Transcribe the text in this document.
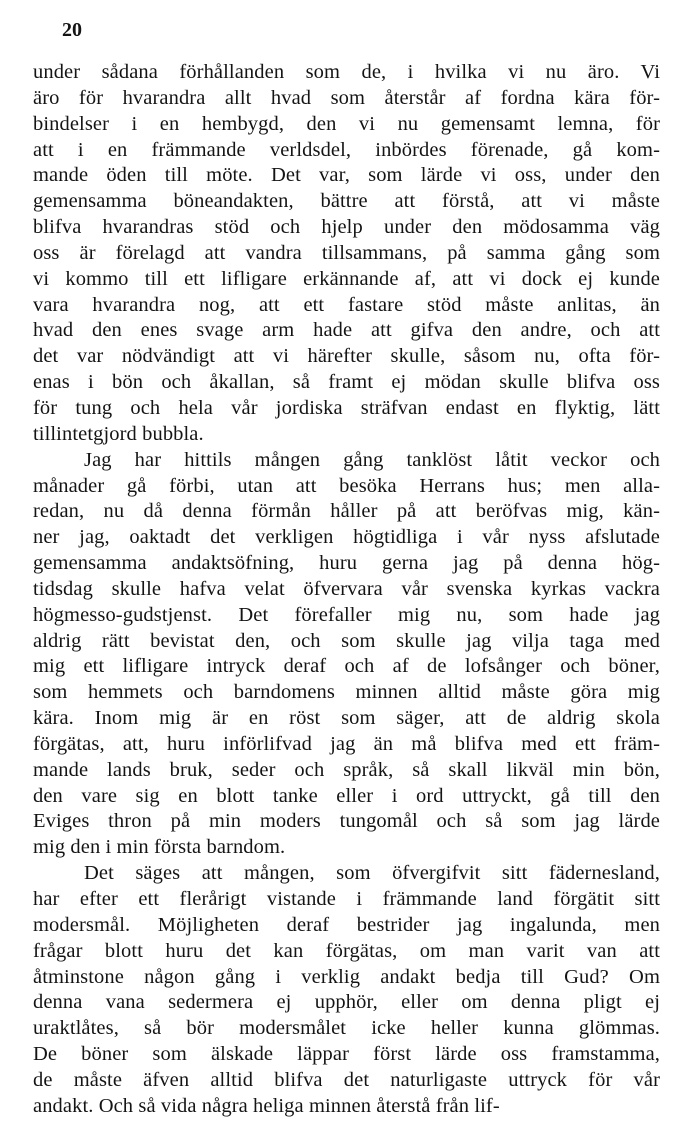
20

under sådana förhållanden som de, i hvilka vi nu äro. Vi
äro för hvarandra allt hvad som återstår af fordna kära för-
bindelser i en hembygd, den vi nu gemensamt lemna, för
att i en främmande verldsdel, inbördes förenade, gå kom-
mande öden till möte. Det var, som lärde vi oss, under den
gemensamma böneandakten, bättre att förstå, att vi måste
blifva hvarandras stöd och hjelp under den mödosamma väg
oss är förelagd att vandra tillsammans, på samma gång som
vi kommo till ett lifligare erkännande af, att vi dock ej kunde
vara hvarandra nog, att ett fastare stöd måste anlitas, än
hvad den enes svage arm hade att gifva den andre, och att
det var nödvändigt att vi härefter skulle, såsom nu, ofta för-
enas i bön och åkallan, så framt ej mödan skulle blifva oss
för tung och hela vår jordiska sträfvan endast en flyktig, lätt
tillintetgjord bubbla.
Jag har hittils mången gång tanklöst låtit veckor och
månader gå förbi, utan att besöka Herrans hus; men alla-
redan, nu då denna förmån håller på att beröfvas mig, kän-
ner jag, oaktadt det verkligen högtidliga i vår nyss afslutade
gemensamma andaktsöfning, huru gerna jag på denna hög-
tidsdag skulle hafva velat öfvervara vår svenska kyrkas vackra
högmesso-gudstjenst. Det förefaller mig nu, som hade jag
aldrig rätt bevistat den, och som skulle jag vilja taga med
mig ett lifligare intryck deraf och af de lofsånger och böner,
som hemmets och barndomens minnen alltid måste göra mig
kära. Inom mig är en röst som säger, att de aldrig skola
förgätas, att, huru införlifvad jag än må blifva med ett främ-
mande lands bruk, seder och språk, så skall likväl min bön,
den vare sig en blott tanke eller i ord uttryckt, gå till den
Eviges thron på min moders tungomål och så som jag lärde
mig den i min första barndom.
Det säges att mången, som öfvergifvit sitt fädernesland,
har efter ett flerårigt vistande i främmande land förgätit sitt
modersmål. Möjligheten deraf bestrider jag ingalunda, men
frågar blott huru det kan förgätas, om man varit van att
åtminstone någon gång i verklig andakt bedja till Gud? Om
denna vana sedermera ej upphör, eller om denna pligt ej
uraktlåtes, så bör modersmålet icke heller kunna glömmas.
De böner som älskade läppar först lärde oss framstamma,
de måste äfven alltid blifva det naturligaste uttryck för vår
andakt. Och så vida några heliga minnen återstå från lif-
